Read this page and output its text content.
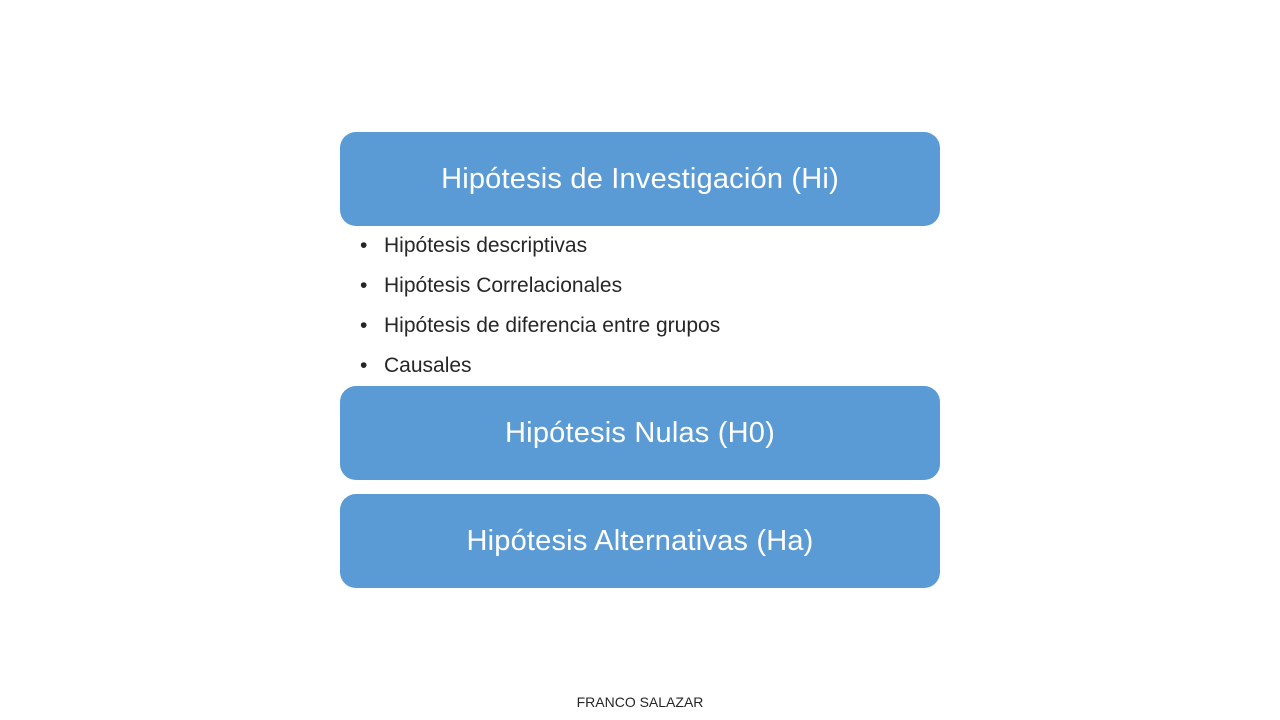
Hipótesis de Investigación (Hi)
• Hipótesis descriptivas
• Hipótesis Correlacionales
• Hipótesis de diferencia entre grupos
• Causales
Hipótesis Nulas (H0)
Hipótesis Alternativas (Ha)
FRANCO SALAZAR
